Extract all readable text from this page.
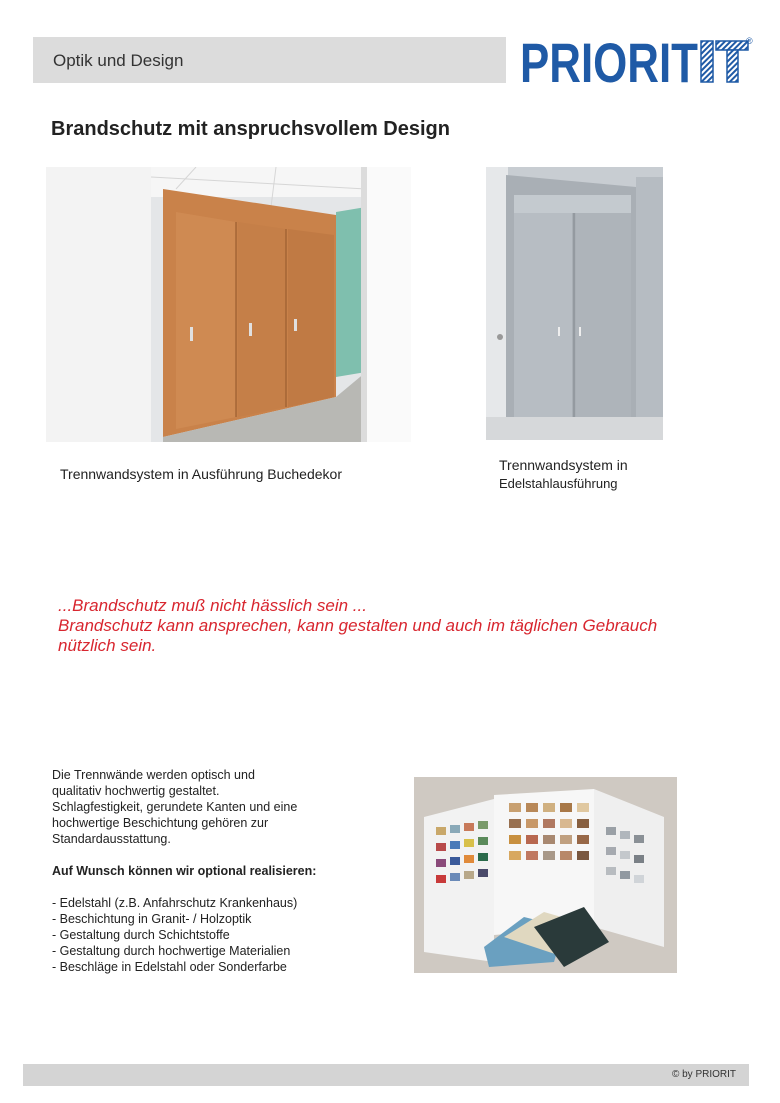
Optik und Design	PRIORIT	®
Brandschutz mit anspruchsvollem Design
Trennwandsystem in Ausführung Buchedekor
Trennwandsystem in
Edelstahlausführung
...Brandschutz muß nicht hässlich sein ...
Brandschutz kann ansprechen, kann gestalten und auch im täglichen Gebrauch
nützlich sein.
Die Trennwände werden optisch und
qualitativ hochwertig gestaltet.
Schlagfestigkeit, gerundete Kanten und eine
hochwertige Beschichtung gehören zur
Standardausstattung.
Auf Wunsch können wir optional realisieren:
- Edelstahl (z.B. Anfahrschutz Krankenhaus)
- Beschichtung in Granit- / Holzoptik
- Gestaltung durch Schichtstoffe
- Gestaltung durch hochwertige Materialien
- Beschläge in Edelstahl oder Sonderfarbe
© by PRIORIT
